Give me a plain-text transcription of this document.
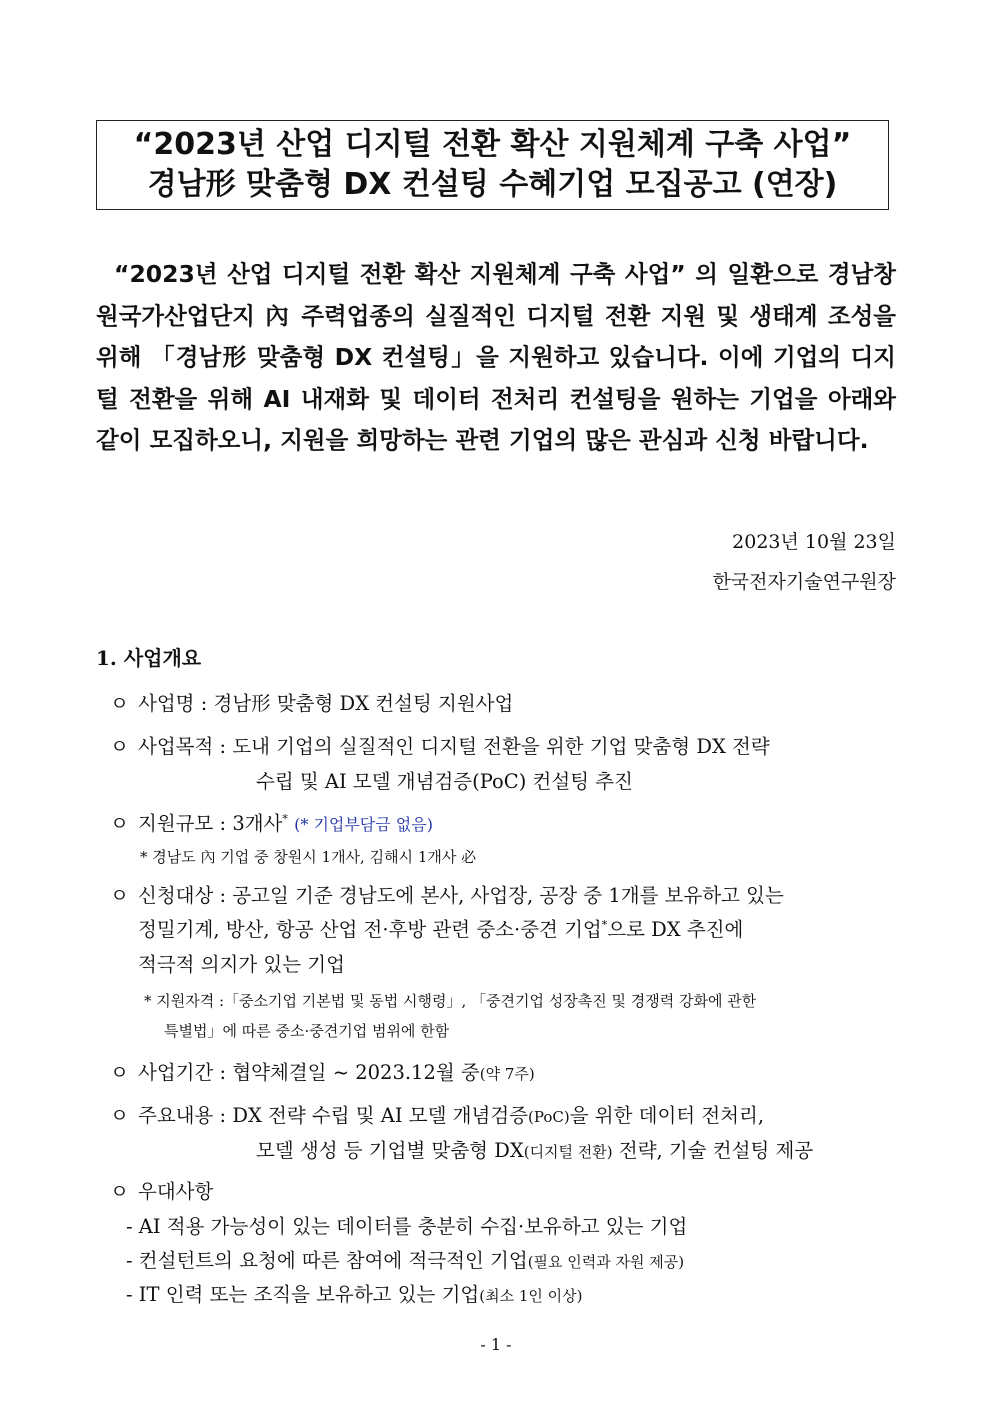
“2023년 산업 디지털 전환 확산 지원체계 구축 사업”
경남形 맞춤형 DX 컨설팅 수혜기업 모집공고 (연장)
“2023년 산업 디지털 전환 확산 지원체계 구축 사업” 의 일환으로 경남창원국가산업단지 內 주력업종의 실질적인 디지털 전환 지원 및 생태계 조성을 위해 「경남形 맞춤형 DX 컨설팅」을 지원하고 있습니다. 이에 기업의 디지털 전환을 위해 AI 내재화 및 데이터 전처리 컨설팅을 원하는 기업을 아래와 같이 모집하오니, 지원을 희망하는 관련 기업의 많은 관심과 신청 바랍니다.
2023년 10월 23일
한국전자기술연구원장
1. 사업개요
ㅇ 사업명 : 경남形 맞춤형 DX 컨설팅 지원사업
ㅇ 사업목적 : 도내 기업의 실질적인 디지털 전환을 위한 기업 맞춤형 DX 전략
수립 및 AI 모델 개념검증(PoC) 컨설팅 추진
ㅇ 지원규모 : 3개사* (* 기업부담금 없음)
* 경남도 內 기업 중 창원시 1개사, 김해시 1개사 必
ㅇ 신청대상 : 공고일 기준 경남도에 본사, 사업장, 공장 중 1개를 보유하고 있는
정밀기계, 방산, 항공 산업 전·후방 관련 중소·중견 기업*으로 DX 추진에
적극적 의지가 있는 기업
* 지원자격 :「중소기업 기본법 및 동법 시행령」, 「중견기업 성장촉진 및 경쟁력 강화에 관한
특별법」에 따른 중소·중견기업 범위에 한함
ㅇ 사업기간 : 협약체결일 ~ 2023.12월 중(약 7주)
ㅇ 주요내용 : DX 전략 수립 및 AI 모델 개념검증(PoC)을 위한 데이터 전처리,
모델 생성 등 기업별 맞춤형 DX(디지털 전환) 전략, 기술 컨설팅 제공
ㅇ 우대사항
- AI 적용 가능성이 있는 데이터를 충분히 수집·보유하고 있는 기업
- 컨설턴트의 요청에 따른 참여에 적극적인 기업(필요 인력과 자원 제공)
- IT 인력 또는 조직을 보유하고 있는 기업(최소 1인 이상)
- 1 -
